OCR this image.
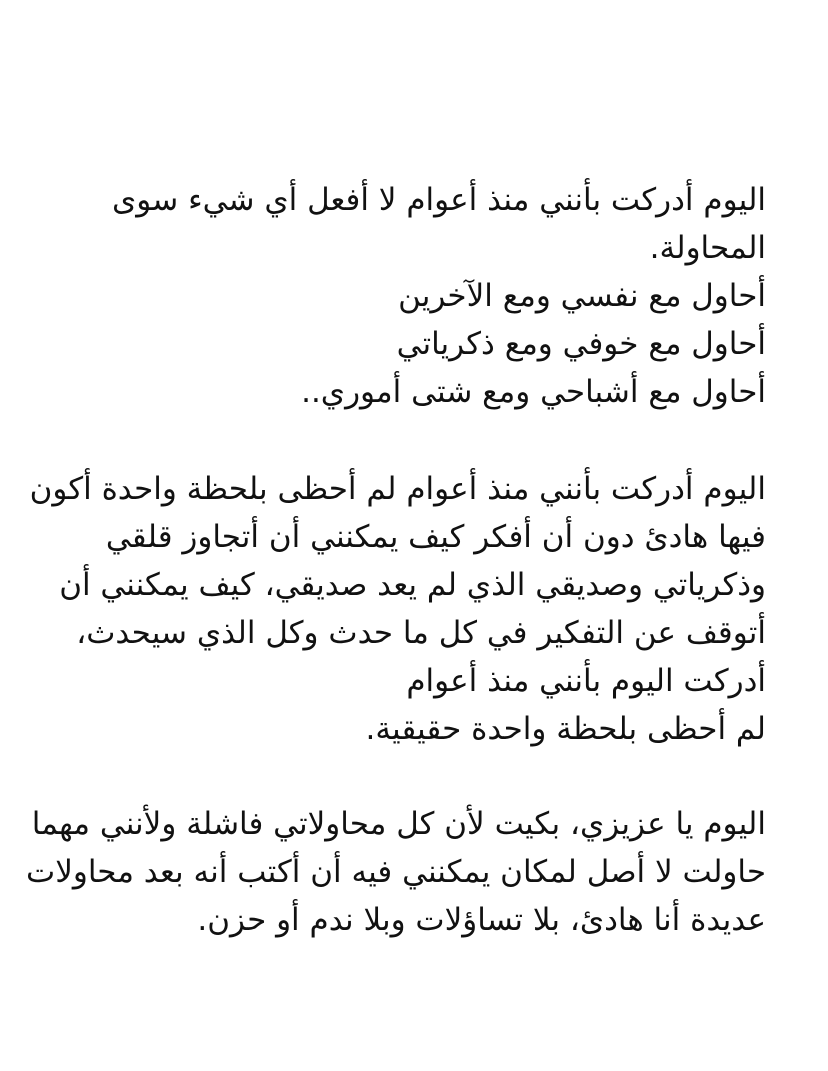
اليوم أدركت بأنني منذ أعوام لا أفعل أي شيء سوى
المحاولة.
أحاول مع نفسي ومع الآخرين
أحاول مع خوفي ومع ذكرياتي
أحاول مع أشباحي ومع شتى أموري..
اليوم أدركت بأنني منذ أعوام لم أحظى بلحظة واحدة أكون
فيها هادئ دون أن أفكر كيف يمكنني أن أتجاوز قلقي
وذكرياتي وصديقي الذي لم يعد صديقي، كيف يمكنني أن
أتوقف عن التفكير في كل ما حدث وكل الذي سيحدث،
أدركت اليوم بأنني منذ أعوام
لم أحظى بلحظة واحدة حقيقية.
اليوم يا عزيزي، بكيت لأن كل محاولاتي فاشلة ولأنني مهما
حاولت لا أصل لمكان يمكنني فيه أن أكتب أنه بعد محاولات
عديدة أنا هادئ، بلا تساؤلات وبلا ندم أو حزن.
